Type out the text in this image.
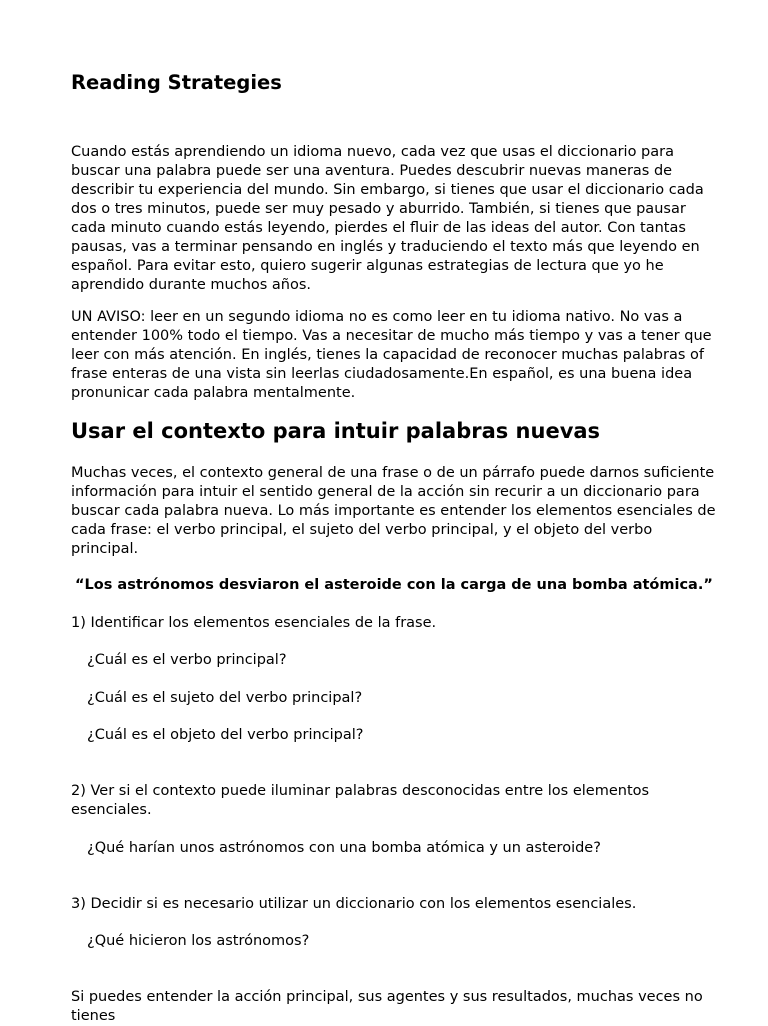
Reading Strategies

Cuando estás aprendiendo un idioma nuevo, cada vez que usas el diccionario para buscar una palabra puede ser una aventura. Puedes descubrir nuevas maneras de describir tu experiencia del mundo. Sin embargo, si tienes que usar el diccionario cada dos o tres minutos, puede ser muy pesado y aburrido. También, si tienes que pausar cada minuto cuando estás leyendo, pierdes el fluir de las ideas del autor. Con tantas pausas, vas a terminar pensando en inglés y traduciendo el texto más que leyendo en español. Para evitar esto, quiero sugerir algunas estrategias de lectura que yo he aprendido durante muchos años.

UN AVISO: leer en un segundo idioma no es como leer en tu idioma nativo. No vas a entender 100% todo el tiempo. Vas a necesitar de mucho más tiempo y vas a tener que leer con más atención. En inglés, tienes la capacidad de reconocer muchas palabras of frase enteras de una vista sin leerlas ciudadosamente.En español, es una buena idea pronunicar cada palabra mentalmente.

Usar el contexto para intuir palabras nuevas

Muchas veces, el contexto general de una frase o de un párrafo puede darnos suficiente información para intuir el sentido general de la acción sin recurir a un diccionario para buscar cada palabra nueva. Lo más importante es entender los elementos esenciales de cada frase: el verbo principal, el sujeto del verbo principal, y el objeto del verbo principal.

“Los astrónomos desviaron el asteroide con la carga de una bomba atómica.”

1) Identificar los elementos esenciales de la frase.

¿Cuál es el verbo principal?

¿Cuál es el sujeto del verbo principal?

¿Cuál es el objeto del verbo principal?

2) Ver si el contexto puede iluminar palabras desconocidas entre los elementos esenciales.

¿Qué harían unos astrónomos con una bomba atómica y un asteroide?

3) Decidir si es necesario utilizar un diccionario con los elementos esenciales.

¿Qué hicieron los astrónomos?

Si puedes entender la acción principal, sus agentes y sus resultados, muchas veces no tienes
